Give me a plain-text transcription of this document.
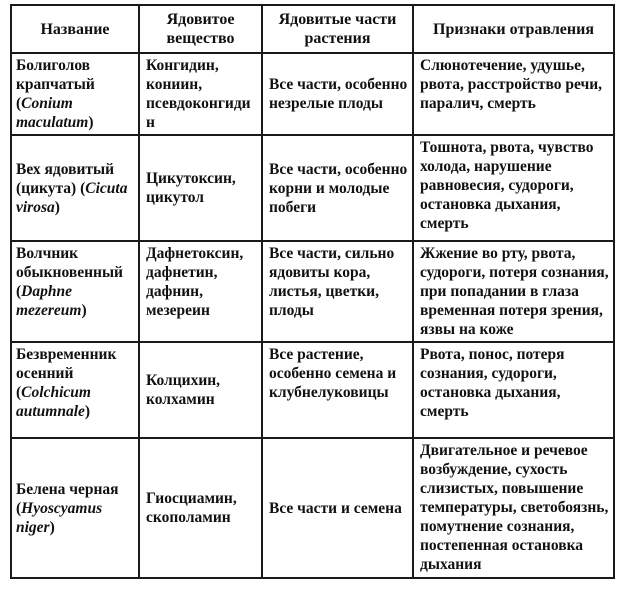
Название	Ядовитое вещество	Ядовитые части растения	Признаки отравления
Болиголов крапчатый (Conium maculatum)	Конгидин, кониин, псевдоконгидин	Все части, особенно незрелые плоды	Слюнотечение, удушье, рвота, расстройство речи, паралич, смерть
Вех ядовитый (цикута) (Cicuta virosa)	Цикутоксин, цикутол	Все части, особенно корни и молодые побеги	Тошнота, рвота, чувство холода, нарушение равновесия, судороги, остановка дыхания, смерть
Волчник обыкновенный (Daphne mezereum)	Дафнетоксин, дафнетин, дафнин, мезереин	Все части, сильно ядовиты кора, листья, цветки, плоды	Жжение во рту, рвота, судороги, потеря сознания, при попадании в глаза временная потеря зрения, язвы на коже
Безвременник осенний (Colchicum autumnale)	Колцихин, колхамин	Все растение, особенно семена и клубнелуковицы	Рвота, понос, потеря сознания, судороги, остановка дыхания, смерть
Белена черная (Hyoscyamus niger)	Гиосциамин, скополамин	Все части и семена	Двигательное и речевое возбуждение, сухость слизистых, повышение температуры, светобоязнь, помутнение сознания, постепенная остановка дыхания
